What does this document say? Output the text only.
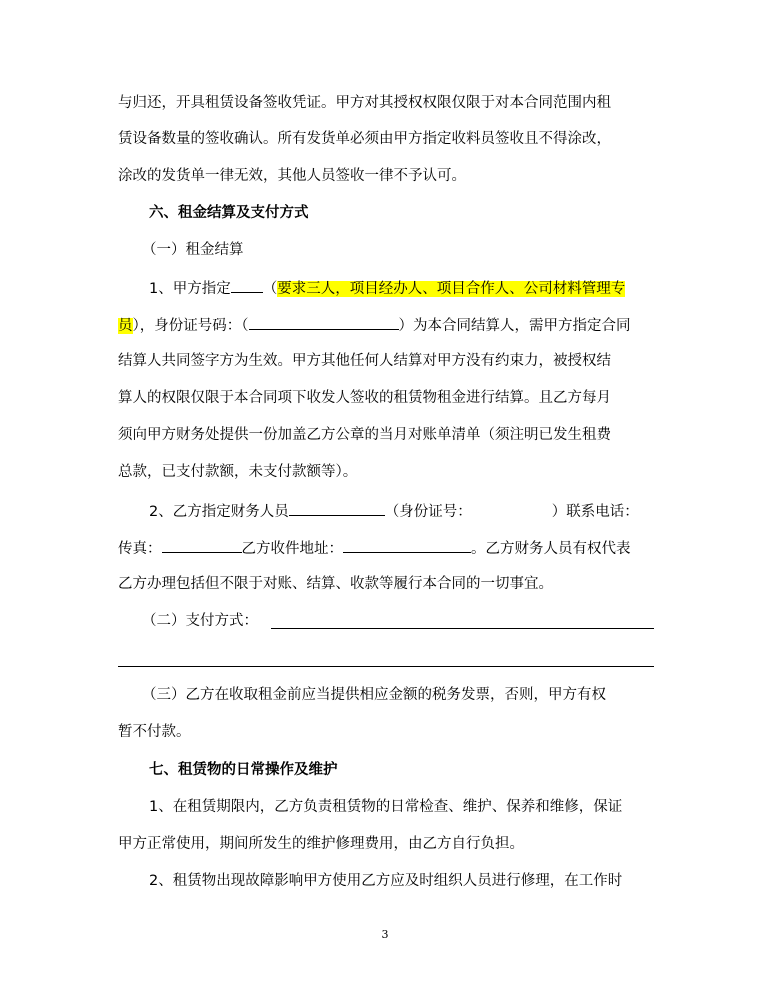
与归还，开具租赁设备签收凭证。甲方对其授权权限仅限于对本合同范围内租
赁设备数量的签收确认。所有发货单必须由甲方指定收料员签收且不得涂改，
涂改的发货单一律无效，其他人员签收一律不予认可。
六、租金结算及支付方式
（一）租金结算
1、甲方指定 （要求三人，项目经办人、项目合作人、公司材料管理专
员），身份证号码：（	）为本合同结算人，需甲方指定合同
结算人共同签字方为生效。甲方其他任何人结算对甲方没有约束力，被授权结
算人的权限仅限于本合同项下收发人签收的租赁物租金进行结算。且乙方每月
须向甲方财务处提供一份加盖乙方公章的当月对账单清单（须注明已发生租费
总款，已支付款额，未支付款额等）。
2、乙方指定财务人员	（身份证号：	）联系电话：
传真：	乙方收件地址：	。乙方财务人员有权代表
乙方办理包括但不限于对账、结算、收款等履行本合同的一切事宜。
（二）支付方式：
（三）乙方在收取租金前应当提供相应金额的税务发票，否则，甲方有权
暂不付款。
七、租赁物的日常操作及维护
1、在租赁期限内，乙方负责租赁物的日常检查、维护、保养和维修，保证
甲方正常使用，期间所发生的维护修理费用，由乙方自行负担。
2、租赁物出现故障影响甲方使用乙方应及时组织人员进行修理，在工作时
3
